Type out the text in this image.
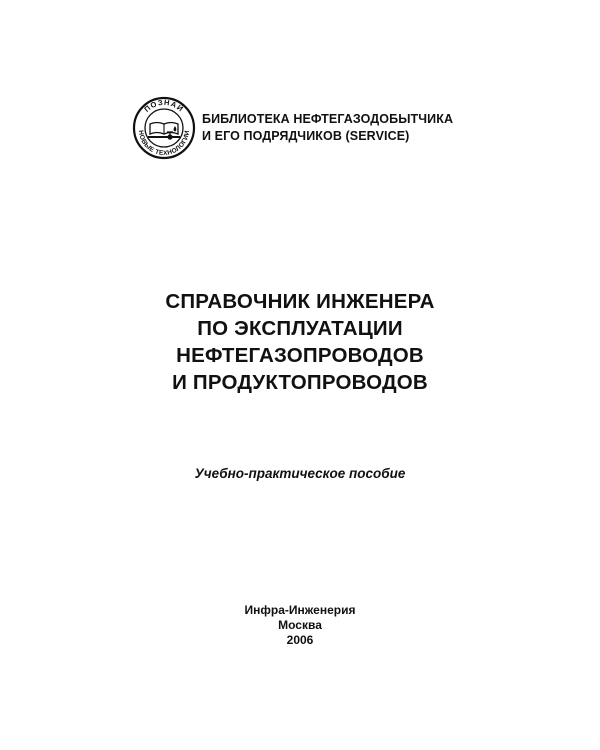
ПОЗНАЙ
НОВЫЕ ТЕХНОЛОГИИ
БИБЛИОТЕКА НЕФТЕГАЗОДОБЫТЧИКА
И ЕГО ПОДРЯДЧИКОВ (SERVICE)
СПРАВОЧНИК ИНЖЕНЕРА
ПО ЭКСПЛУАТАЦИИ
НЕФТЕГАЗОПРОВОДОВ
И ПРОДУКТОПРОВОДОВ
Учебно-практическое пособие
Инфра-Инженерия
Москва
2006
